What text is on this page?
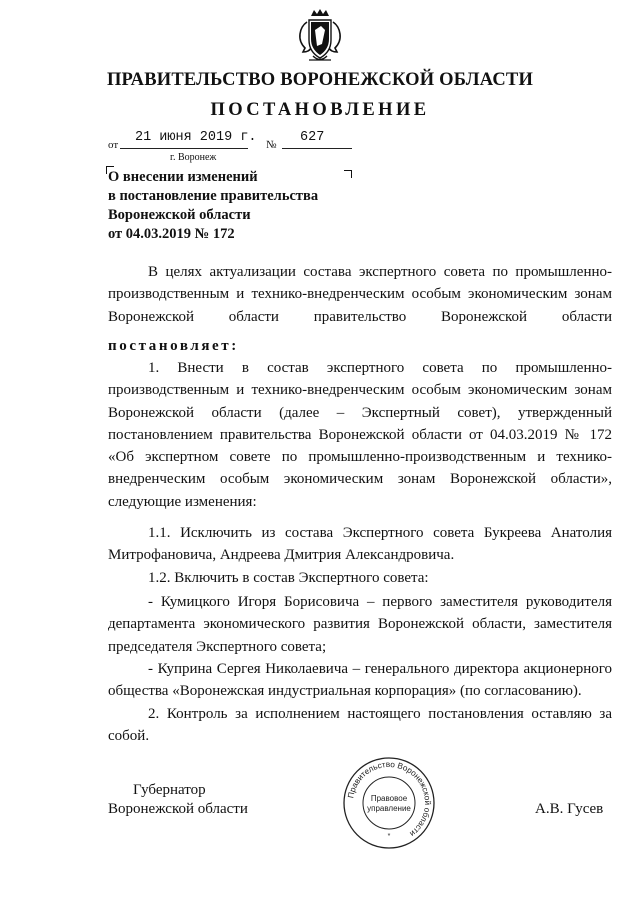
ПРАВИТЕЛЬСТВО ВОРОНЕЖСКОЙ ОБЛАСТИ
ПОСТАНОВЛЕНИЕ
от 21 июня 2019 г. № 627
г. Воронеж
О внесении изменений
в постановление правительства
Воронежской области
от 04.03.2019 № 172

В целях актуализации состава экспертного совета по промышленно-производственным и технико-внедренческим особым экономическим зонам Воронежской области правительство Воронежской области

постановляет:

1. Внести в состав экспертного совета по промышленно-производственным и технико-внедренческим особым экономическим зонам Воронежской области (далее – Экспертный совет), утвержденный постановлением правительства Воронежской области от 04.03.2019 № 172 «Об экспертном совете по промышленно-производственным и технико-внедренческим особым экономическим зонам Воронежской области», следующие изменения:

1.1. Исключить из состава Экспертного совета Букреева Анатолия Митрофановича, Андреева Дмитрия Александровича.

1.2. Включить в состав Экспертного совета:

- Кумицкого Игоря Борисовича – первого заместителя руководителя департамента экономического развития Воронежской области, заместителя председателя Экспертного совета;

- Куприна Сергея Николаевича – генерального директора акционерного общества «Воронежская индустриальная корпорация» (по согласованию).

2. Контроль за исполнением настоящего постановления оставляю за собой.

Губернатор
Воронежской области	А.В. Гусев
Правительство Воронежской области
Правовое
управление
*
